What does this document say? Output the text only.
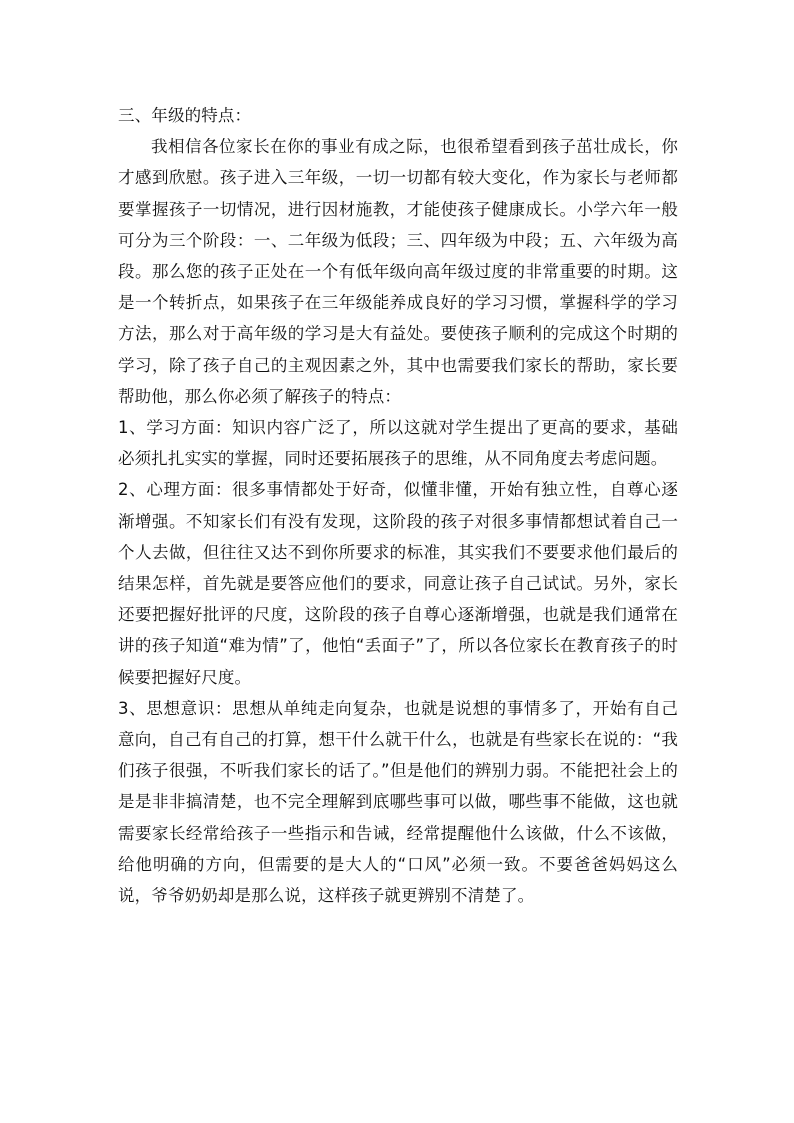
三、年级的特点：

我相信各位家长在你的事业有成之际，也很希望看到孩子茁壮成长，你才感到欣慰。孩子进入三年级，一切一切都有较大变化，作为家长与老师都要掌握孩子一切情况，进行因材施教，才能使孩子健康成长。小学六年一般可分为三个阶段：一、二年级为低段；三、四年级为中段；五、六年级为高段。那么您的孩子正处在一个有低年级向高年级过度的非常重要的时期。这是一个转折点，如果孩子在三年级能养成良好的学习习惯，掌握科学的学习方法，那么对于高年级的学习是大有益处。要使孩子顺利的完成这个时期的学习，除了孩子自己的主观因素之外，其中也需要我们家长的帮助，家长要帮助他，那么你必须了解孩子的特点：

1、学习方面：知识内容广泛了，所以这就对学生提出了更高的要求，基础必须扎扎实实的掌握，同时还要拓展孩子的思维，从不同角度去考虑问题。

2、心理方面：很多事情都处于好奇，似懂非懂，开始有独立性，自尊心逐渐增强。不知家长们有没有发现，这阶段的孩子对很多事情都想试着自己一个人去做，但往往又达不到你所要求的标准，其实我们不要要求他们最后的结果怎样，首先就是要答应他们的要求，同意让孩子自己试试。另外，家长还要把握好批评的尺度，这阶段的孩子自尊心逐渐增强，也就是我们通常在讲的孩子知道“难为情”了，他怕“丢面子”了，所以各位家长在教育孩子的时候要把握好尺度。

3、思想意识：思想从单纯走向复杂，也就是说想的事情多了，开始有自己意向，自己有自己的打算，想干什么就干什么，也就是有些家长在说的：“我们孩子很强，不听我们家长的话了。”但是他们的辨别力弱。不能把社会上的是是非非搞清楚，也不完全理解到底哪些事可以做，哪些事不能做，这也就需要家长经常给孩子一些指示和告诫，经常提醒他什么该做，什么不该做，给他明确的方向，但需要的是大人的“口风”必须一致。不要爸爸妈妈这么说，爷爷奶奶却是那么说，这样孩子就更辨别不清楚了。
